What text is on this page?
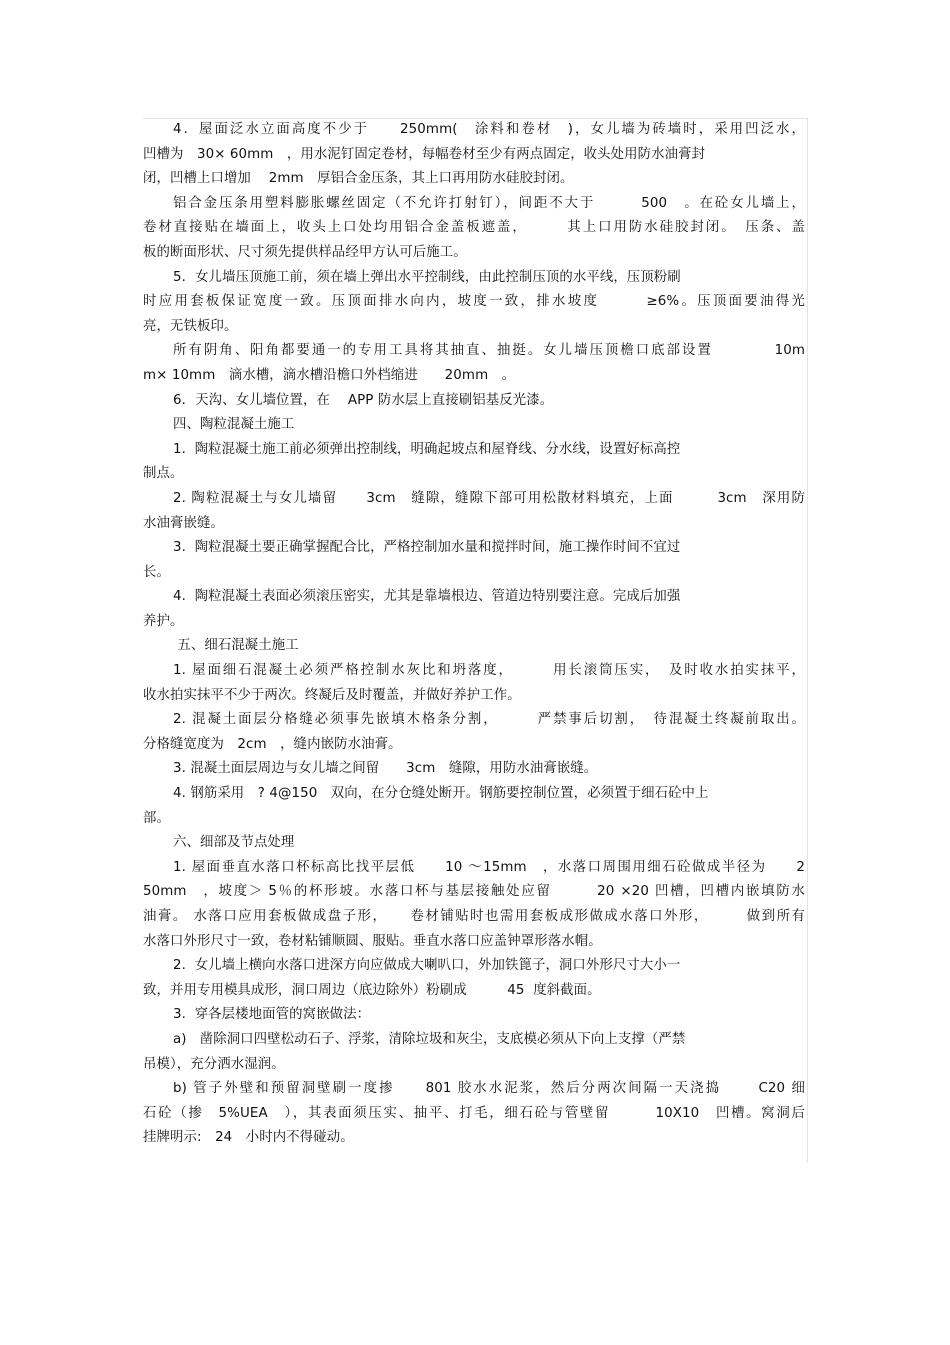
4．屋面泛水立面高度不少于　　250mm(　涂料和卷材　)，女儿墙为砖墙时，采用凹泛水，
凹槽为　30× 60mm　，用水泥钉固定卷材，每幅卷材至少有两点固定，收头处用防水油膏封
闭，凹槽上口增加　 2mm　厚铝合金压条，其上口再用防水硅胶封闭。
铝合金压条用塑料膨胀螺丝固定（不允许打射钉），间距不大于　　　500　。在砼女儿墙上，
卷材直接贴在墙面上，收头上口处均用铝合金盖板遮盖，　　　其上口用防水硅胶封闭。　压条、盖
板的断面形状、尺寸须先提供样品经甲方认可后施工。
5．女儿墙压顶施工前，须在墙上弹出水平控制线，由此控制压顶的水平线，压顶粉刷
时应用套板保证宽度一致。压顶面排水向内，坡度一致，排水坡度　　　≥6%。压顶面要油得光
亮，无铁板印。
所有阴角、阳角都要通一的专用工具将其抽直、抽挺。女儿墙压顶檐口底部设置　　　　10m
m× 10mm　滴水槽，滴水槽沿檐口外档缩进　　20mm　。
6．天沟、女儿墙位置，在　 APP 防水层上直接刷铝基反光漆。
四、陶粒混凝土施工
1.  陶粒混凝土施工前必须弹出控制线，明确起坡点和屋脊线、分水线，设置好标高控
制点。
2. 陶粒混凝土与女儿墙留　　3cm　缝隙，缝隙下部可用松散材料填充，上面　　　3cm　深用防
水油膏嵌缝。
3.  陶粒混凝土要正确掌握配合比，严格控制加水量和搅拌时间，施工操作时间不宜过
长。
4.  陶粒混凝土表面必须滚压密实，尤其是靠墙根边、管道边特别要注意。完成后加强
养护。
五、细石混凝土施工
1. 屋面细石混凝土必须严格控制水灰比和坍落度，　　　用长滚筒压实，　及时收水拍实抹平，
收水拍实抹平不少于两次。终凝后及时覆盖，并做好养护工作。
2. 混凝土面层分格缝必须事先嵌填木格条分割，　　　严禁事后切割，　待混凝土终凝前取出。
分格缝宽度为　2cm　，缝内嵌防水油膏。
3. 混凝土面层周边与女儿墙之间留　　3cm　缝隙，用防水油膏嵌缝。
4. 钢筋采用　? 4@150　双向，在分仓缝处断开。钢筋要控制位置，必须置于细石砼中上
部。
六、细部及节点处理
1. 屋面垂直水落口杯标高比找平层低　　10 ～15mm　，水落口周围用细石砼做成半径为　　2
50mm　，坡度＞ 5％的杯形坡。水落口杯与基层接触处应留　　　20 ×20 凹槽，凹槽内嵌填防水
油膏。 水落口应用套板做成盘子形，　　卷材铺贴时也需用套板成形做成水落口外形，　　　做到所有
水落口外形尺寸一致，卷材粘铺顺圆、服贴。垂直水落口应盖钟罩形落水帽。
2.  女儿墙上横向水落口进深方向应做成大喇叭口，外加铁篦子，洞口外形尺寸大小一
致，并用专用模具成形，洞口周边（底边除外）粉刷成　　　45  度斜截面。
3.  穿各层楼地面管的窝嵌做法：
a)   凿除洞口四壁松动石子、浮浆，清除垃圾和灰尘，支底模必须从下向上支撑（严禁
吊模），充分洒水湿润。
b) 管子外壁和预留洞壁刷一度掺　　801 胶水水泥浆，然后分两次间隔一天浇捣　　 C20 细
石砼（掺　5%UEA　），其表面须压实、抽平、打毛，细石砼与管壁留　　　10X10　凹槽。窝洞后
挂牌明示:　24　小时内不得碰动。
